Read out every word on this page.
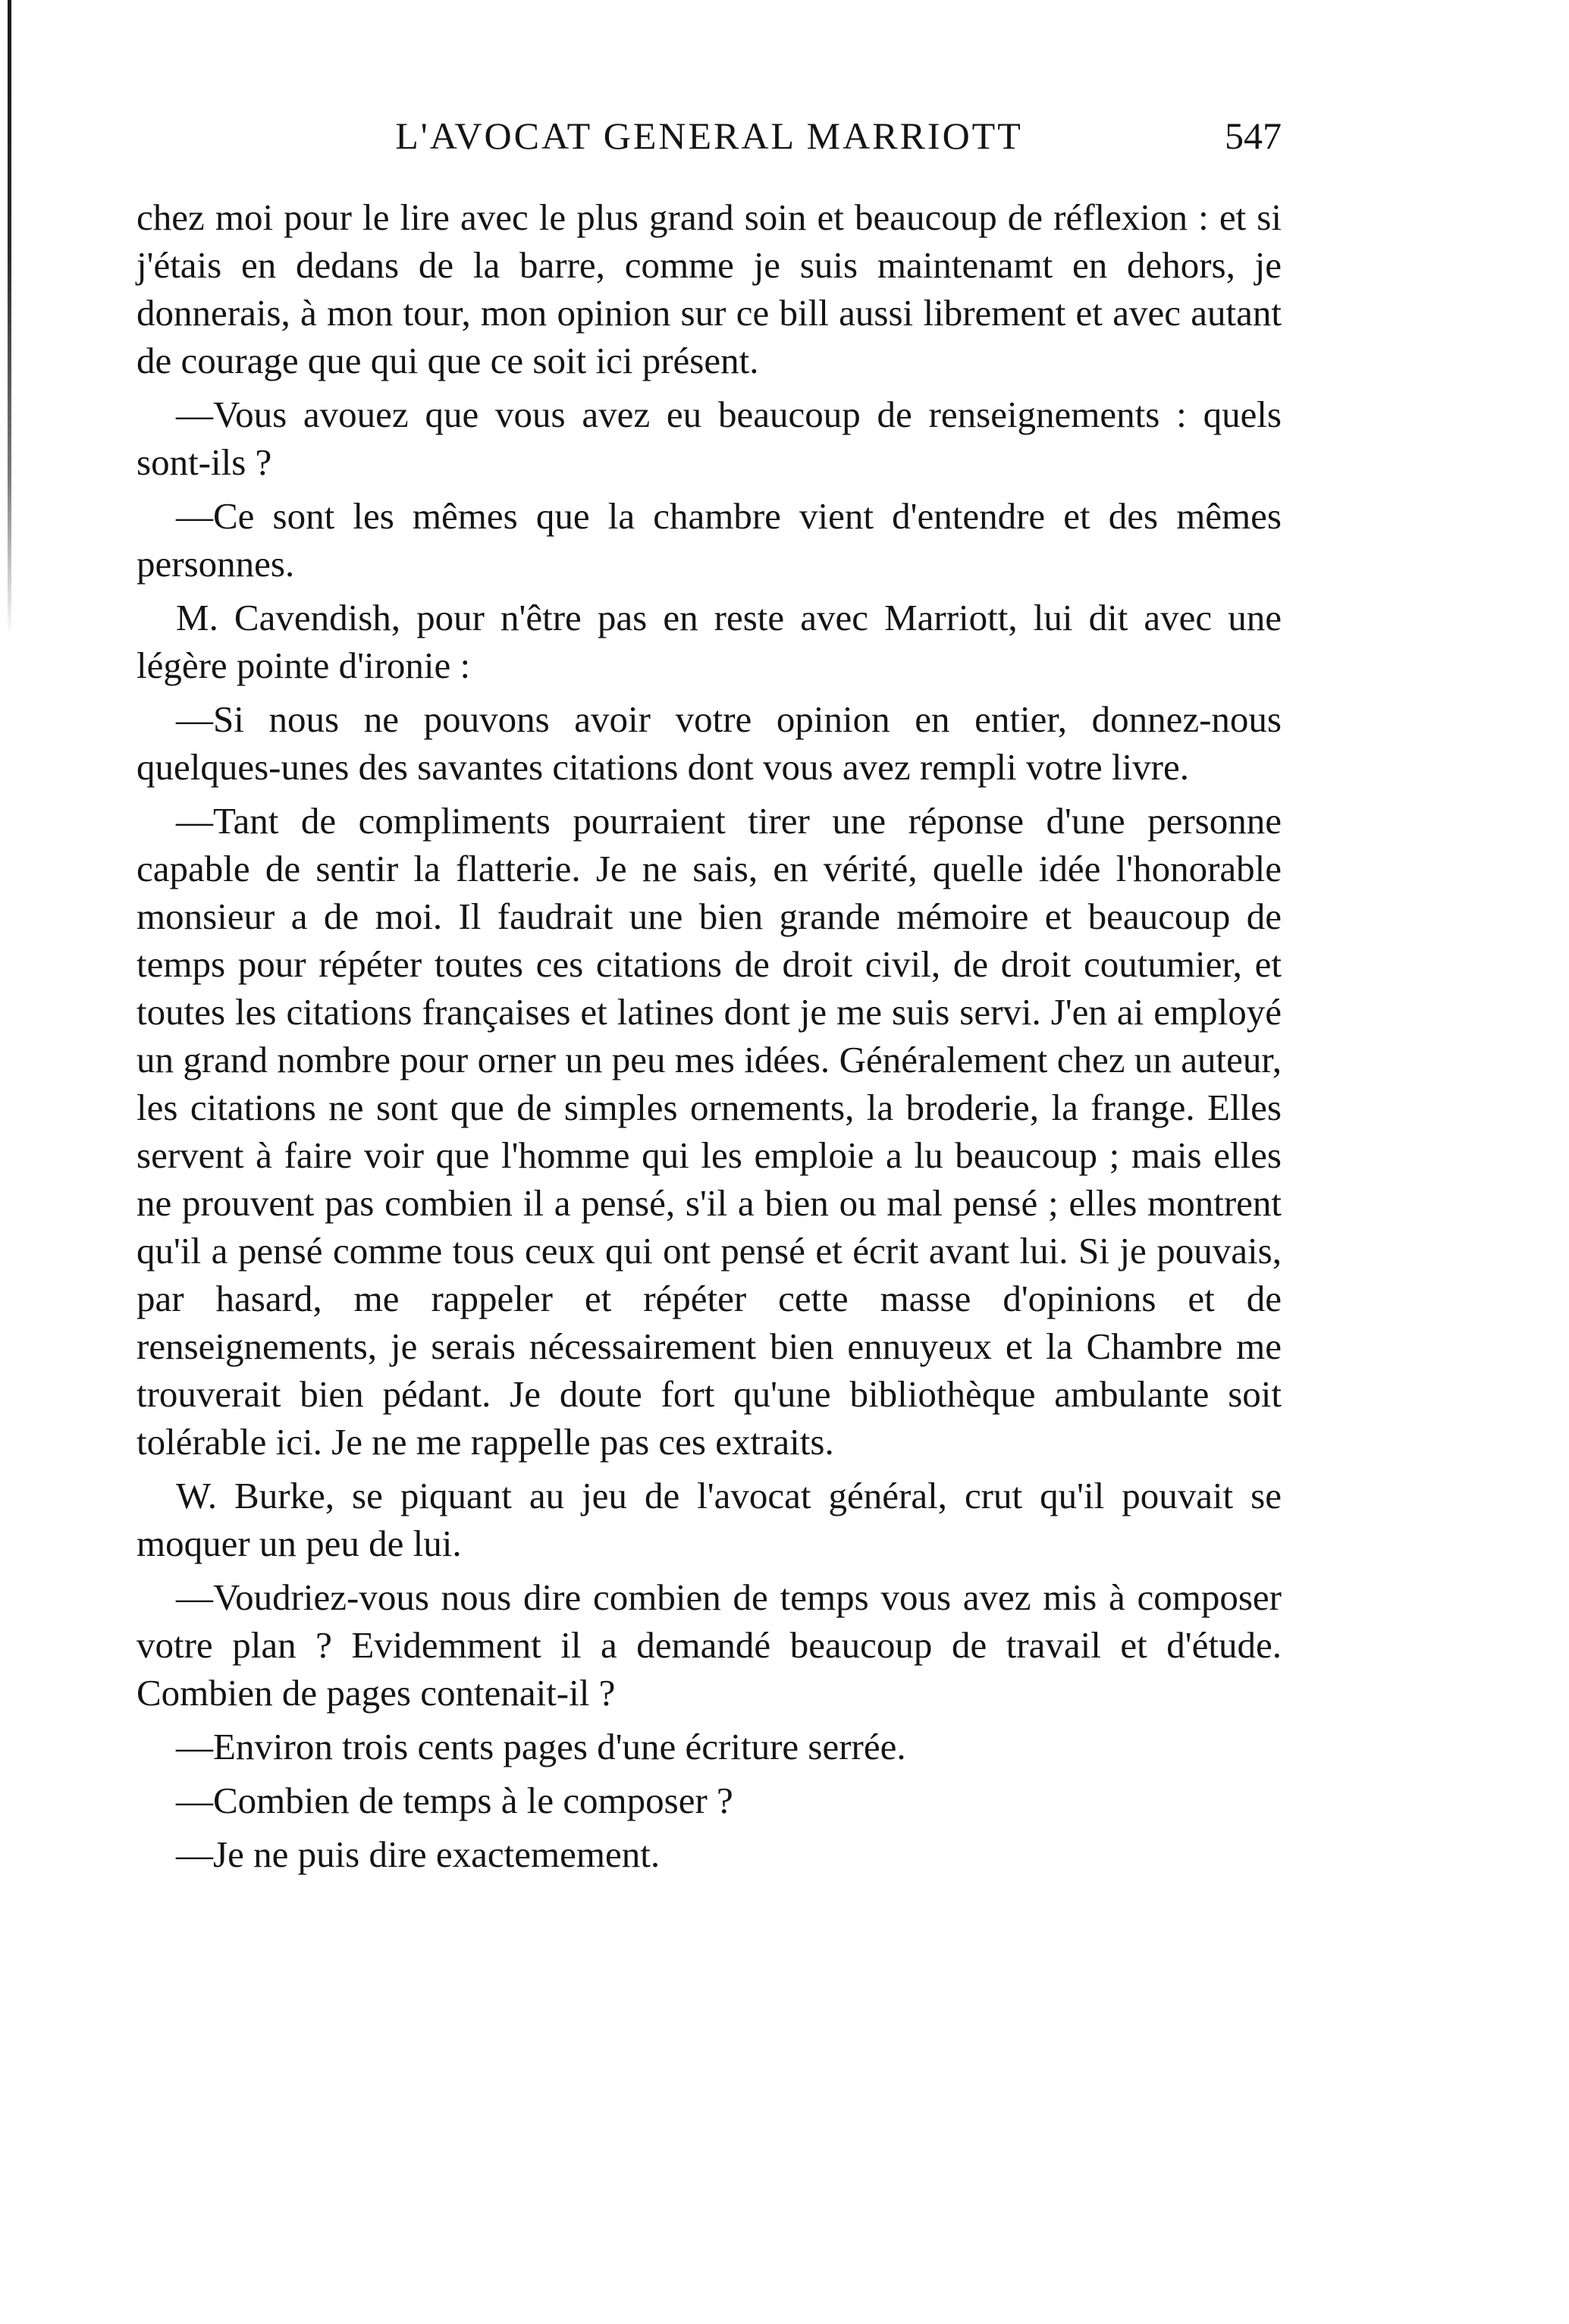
L'AVOCAT GENERAL MARRIOTT	547

chez moi pour le lire avec le plus grand soin et beaucoup de réflexion : et si j'étais en dedans de la barre, comme je suis maintenamt en dehors, je donnerais, à mon tour, mon opinion sur ce bill aussi librement et avec autant de courage que qui que ce soit ici présent.

—Vous avouez que vous avez eu beaucoup de renseignements : quels sont-ils ?

—Ce sont les mêmes que la chambre vient d'entendre et des mêmes personnes.

M. Cavendish, pour n'être pas en reste avec Marriott, lui dit avec une légère pointe d'ironie :

—Si nous ne pouvons avoir votre opinion en entier, donnez-nous quelques-unes des savantes citations dont vous avez rempli votre livre.

—Tant de compliments pourraient tirer une réponse d'une personne capable de sentir la flatterie. Je ne sais, en vérité, quelle idée l'honorable monsieur a de moi. Il faudrait une bien grande mémoire et beaucoup de temps pour répéter toutes ces citations de droit civil, de droit coutumier, et toutes les citations françaises et latines dont je me suis servi. J'en ai employé un grand nombre pour orner un peu mes idées. Généralement chez un auteur, les citations ne sont que de simples ornements, la broderie, la frange. Elles servent à faire voir que l'homme qui les emploie a lu beaucoup ; mais elles ne prouvent pas combien il a pensé, s'il a bien ou mal pensé ; elles montrent qu'il a pensé comme tous ceux qui ont pensé et écrit avant lui. Si je pouvais, par hasard, me rappeler et répéter cette masse d'opinions et de renseignements, je serais nécessairement bien ennuyeux et la Chambre me trouverait bien pédant. Je doute fort qu'une bibliothèque ambulante soit tolérable ici. Je ne me rappelle pas ces extraits.

W. Burke, se piquant au jeu de l'avocat général, crut qu'il pouvait se moquer un peu de lui.

—Voudriez-vous nous dire combien de temps vous avez mis à composer votre plan ? Evidemment il a demandé beaucoup de travail et d'étude. Combien de pages contenait-il ?

—Environ trois cents pages d'une écriture serrée.

—Combien de temps à le composer ?

—Je ne puis dire exactemement.
